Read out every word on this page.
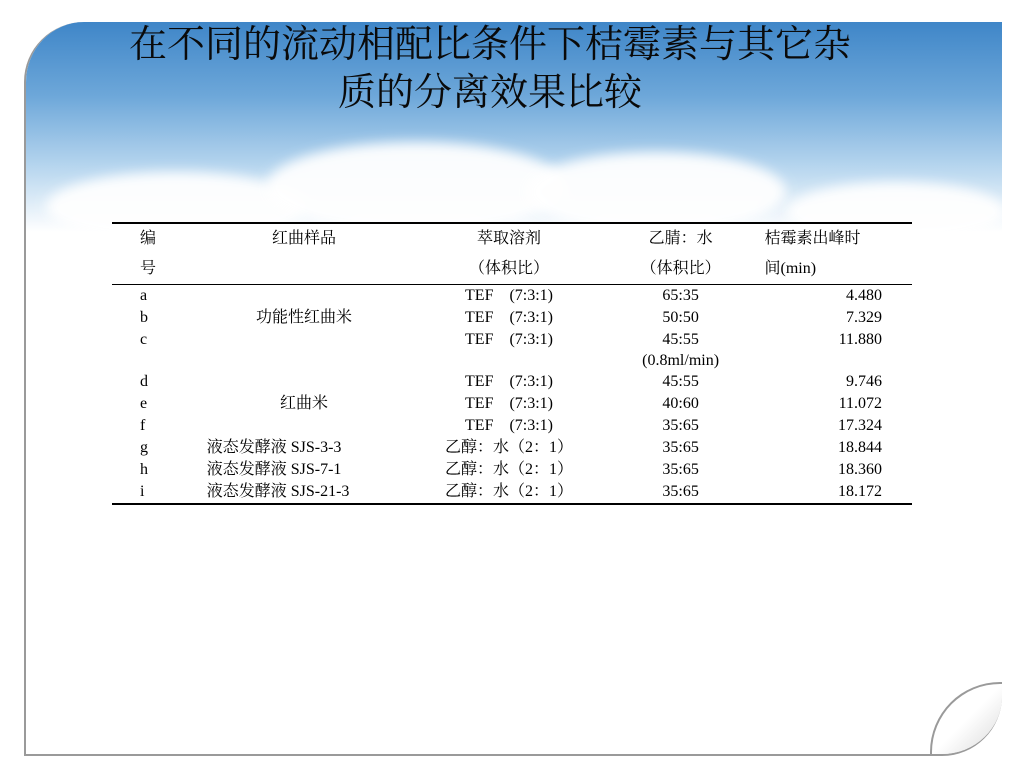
在不同的流动相配比条件下桔霉素与其它杂
质的分离效果比较
编	红曲样品	萃取溶剂	乙腈：水	桔霉素出峰时
号		（体积比）	（体积比）	间(min)
a	功能性红曲米	TEF　(7:3:1)	65:35	4.480
b		TEF　(7:3:1)	50:50	7.329
c		TEF　(7:3:1)	45:55	11.880
			(0.8ml/min)	
d	红曲米	TEF　(7:3:1)	45:55	9.746
e		TEF　(7:3:1)	40:60	11.072
f		TEF　(7:3:1)	35:65	17.324
g	液态发酵液 SJS-3-3	乙醇：水（2：1）	35:65	18.844
h	液态发酵液 SJS-7-1	乙醇：水（2：1）	35:65	18.360
i	液态发酵液 SJS-21-3	乙醇：水（2：1）	35:65	18.172
